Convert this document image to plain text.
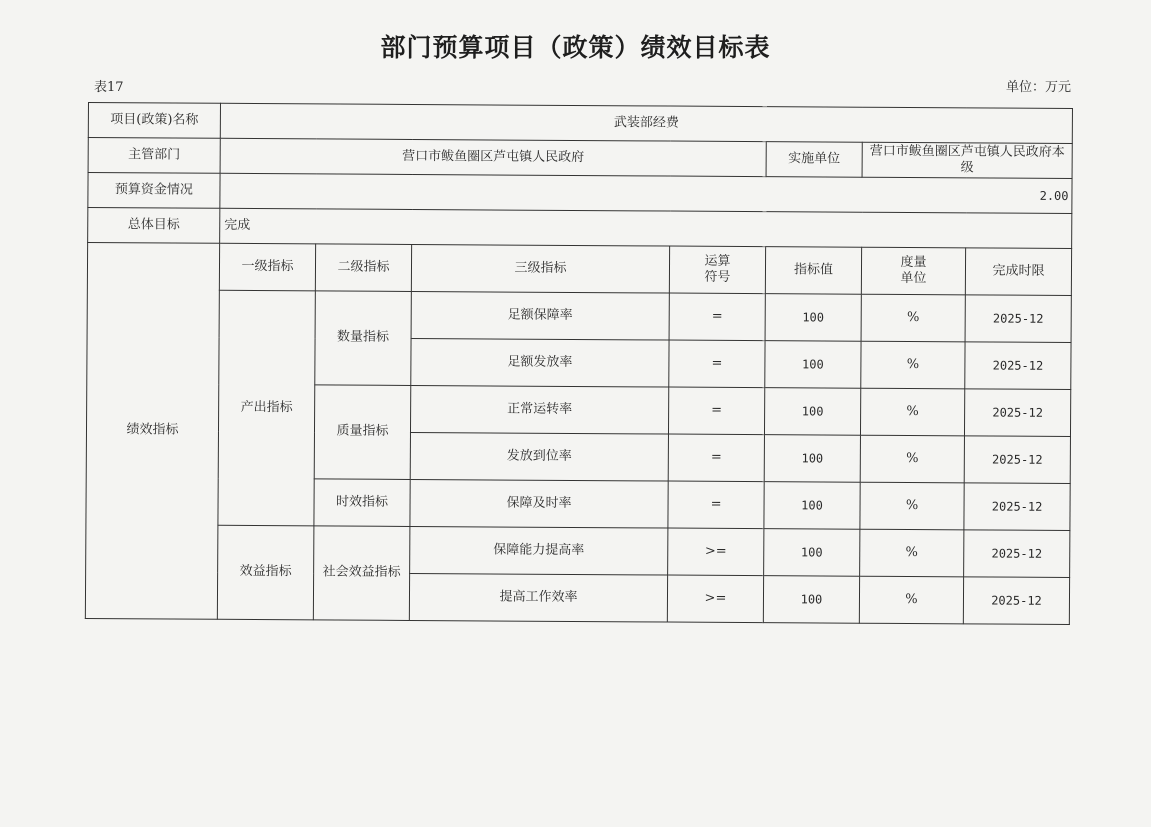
部门预算项目（政策）绩效目标表
表17	单位：万元
项目(政策)名称	武装部经费						
主管部门	营口市鲅鱼圈区芦屯镇人民政府				实施单位	营口市鲅鱼圈区芦屯镇人民政府本级	
预算资金情况	2.00						
总体目标	完成						
绩效指标	一级指标	二级指标	三级指标	运算符号	指标值	度量单位	完成时限
	产出指标	数量指标	足额保障率	=	100	%	2025-12
			足额发放率	=	100	%	2025-12
		质量指标	正常运转率	=	100	%	2025-12
			发放到位率	=	100	%	2025-12
		时效指标	保障及时率	=	100	%	2025-12
	效益指标	社会效益指标	保障能力提高率	>=	100	%	2025-12
			提高工作效率	>=	100	%	2025-12
